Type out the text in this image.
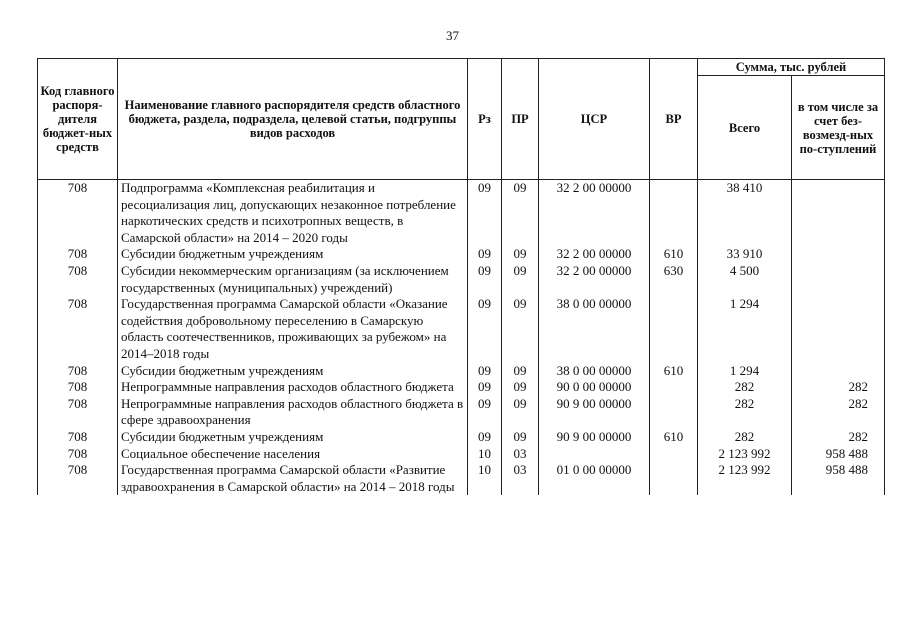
37
Код главного распоря-дителя бюджет-ных средств	Наименование главного распорядителя средств областного бюджета, раздела, подраздела, целевой статьи, подгруппы видов расходов	Рз	ПР	ЦСР	ВР	Сумма, тыс. рублей	
						Всего	в том числе за счет без-возмезд-ных по-ступлений
708	Подпрограмма «Комплексная реабилитация и ресоциализация лиц, допускающих незаконное потребление наркотических средств и психотропных веществ, в Самарской области» на 2014 – 2020 годы	09	09	32 2 00 00000		38 410	
708	Субсидии бюджетным учреждениям	09	09	32 2 00 00000	610	33 910	
708	Субсидии некоммерческим организациям (за исключением государственных (муниципальных) учреждений)	09	09	32 2 00 00000	630	4 500	
708	Государственная программа Самарской области «Оказание содействия добровольному переселению в Самарскую область соотечественников, проживающих за рубежом» на 2014–2018 годы	09	09	38 0 00 00000		1 294	
708	Субсидии бюджетным учреждениям	09	09	38 0 00 00000	610	1 294	
708	Непрограммные направления расходов областного бюджета	09	09	90 0 00 00000		282	282
708	Непрограммные направления расходов областного бюджета в сфере здравоохранения	09	09	90 9 00 00000		282	282
708	Субсидии бюджетным учреждениям	09	09	90 9 00 00000	610	282	282
708	Социальное обеспечение населения	10	03			2 123 992	958 488
708	Государственная программа Самарской области «Развитие здравоохранения в Самарской области» на 2014 – 2018 годы	10	03	01 0 00 00000		2 123 992	958 488
